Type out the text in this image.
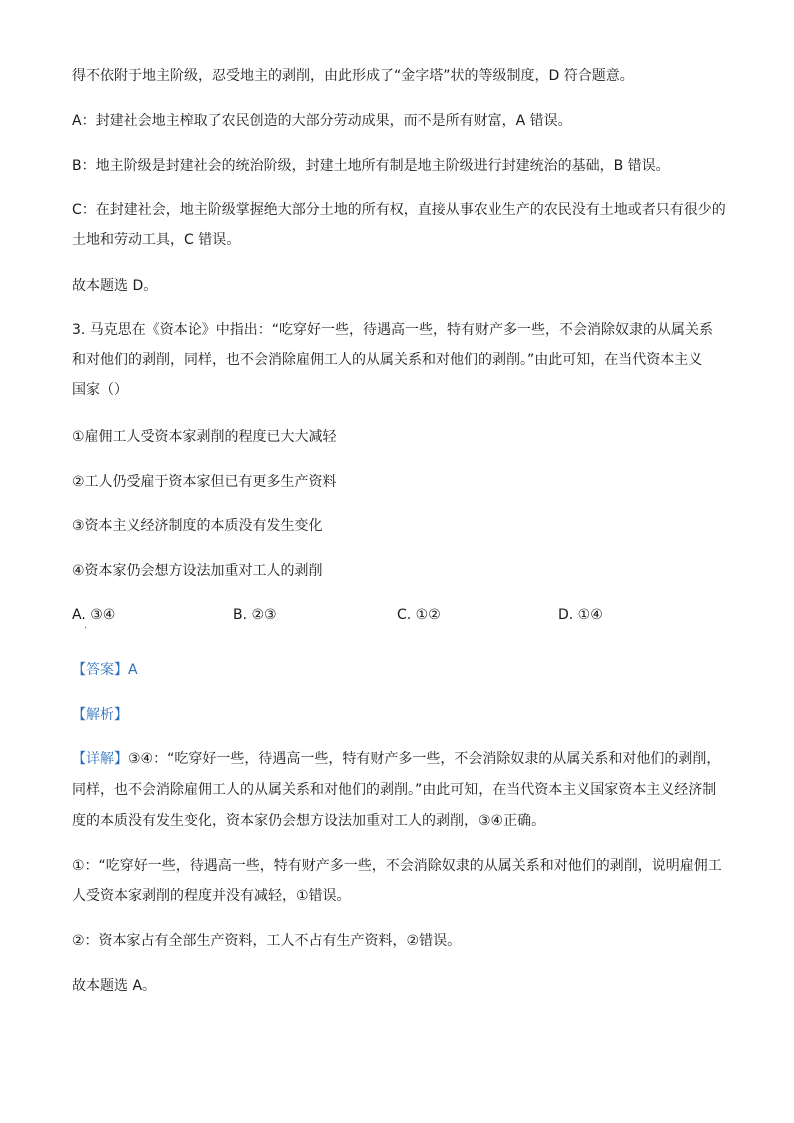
得不依附于地主阶级，忍受地主的剥削，由此形成了“金字塔”状的等级制度，D 符合题意。
A：封建社会地主榨取了农民创造的大部分劳动成果，而不是所有财富，A 错误。
B：地主阶级是封建社会的统治阶级，封建土地所有制是地主阶级进行封建统治的基础，B 错误。
C：在封建社会，地主阶级掌握绝大部分土地的所有权，直接从事农业生产的农民没有土地或者只有很少的
土地和劳动工具，C 错误。
故本题选 D。
3. 马克思在《资本论》中指出：“吃穿好一些，待遇高一些，特有财产多一些，不会消除奴隶的从属关系
和对他们的剥削，同样，也不会消除雇佣工人的从属关系和对他们的剥削。”由此可知，在当代资本主义
国家（）
①雇佣工人受资本家剥削的程度已大大减轻
②工人仍受雇于资本家但已有更多生产资料
③资本主义经济制度的本质没有发生变化
④资本家仍会想方设法加重对工人的剥削
A. ③④	B. ②③	C. ①②	D. ①④
.
【答案】A
【解析】
【详解】③④：“吃穿好一些，待遇高一些，特有财产多一些，不会消除奴隶的从属关系和对他们的剥削，
同样，也不会消除雇佣工人的从属关系和对他们的剥削。”由此可知，在当代资本主义国家资本主义经济制
度的本质没有发生变化，资本家仍会想方设法加重对工人的剥削，③④正确。
①：“吃穿好一些，待遇高一些，特有财产多一些，不会消除奴隶的从属关系和对他们的剥削，说明雇佣工
人受资本家剥削的程度并没有减轻，①错误。
②：资本家占有全部生产资料，工人不占有生产资料，②错误。
故本题选 A。
